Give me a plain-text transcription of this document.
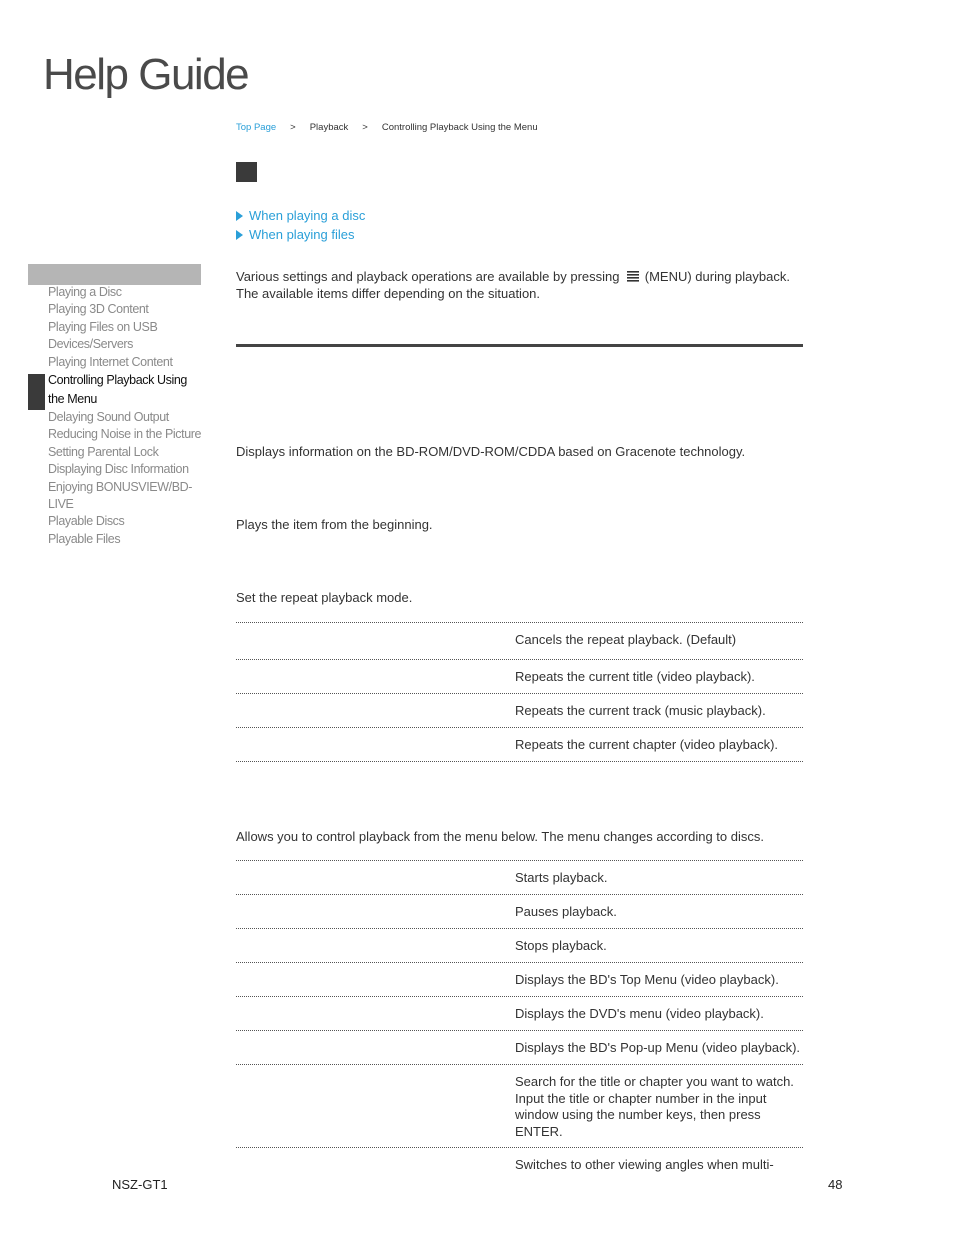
Help Guide
Top Page > Playback > Controlling Playback Using the Menu
When playing a disc
When playing files
Playing a Disc
Playing 3D Content
Playing Files on USB Devices/Servers
Playing Internet Content
Controlling Playback Using the Menu
Delaying Sound Output
Reducing Noise in the Picture
Setting Parental Lock
Displaying Disc Information
Enjoying BONUSVIEW/BD-LIVE
Playable Discs
Playable Files
Various settings and playback operations are available by pressing (MENU) during playback.
The available items differ depending on the situation.
Displays information on the BD-ROM/DVD-ROM/CDDA based on Gracenote technology.
Plays the item from the beginning.
Set the repeat playback mode.
Cancels the repeat playback. (Default)
Repeats the current title (video playback).
Repeats the current track (music playback).
Repeats the current chapter (video playback).
Allows you to control playback from the menu below. The menu changes according to discs.
Starts playback.
Pauses playback.
Stops playback.
Displays the BD's Top Menu (video playback).
Displays the DVD's menu (video playback).
Displays the BD's Pop-up Menu (video playback).
Search for the title or chapter you want to watch. Input the title or chapter number in the input window using the number keys, then press ENTER.
Switches to other viewing angles when multi-
NSZ-GT1	48
